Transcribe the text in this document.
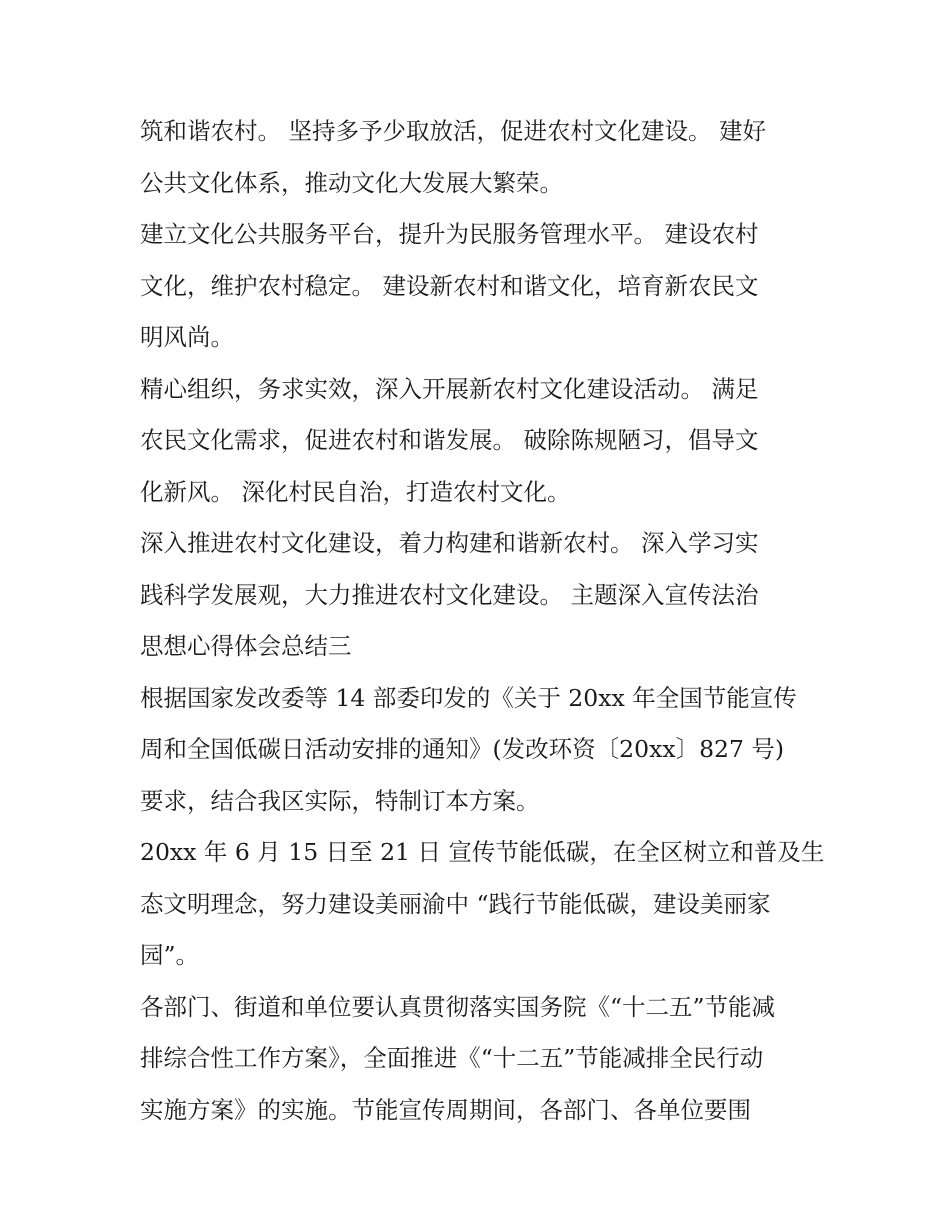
筑和谐农村。 坚持多予少取放活，促进农村文化建设。 建好
公共文化体系，推动文化大发展大繁荣。
建立文化公共服务平台，提升为民服务管理水平。 建设农村
文化，维护农村稳定。 建设新农村和谐文化，培育新农民文
明风尚。
精心组织，务求实效，深入开展新农村文化建设活动。 满足
农民文化需求，促进农村和谐发展。 破除陈规陋习，倡导文
化新风。 深化村民自治，打造农村文化。
深入推进农村文化建设，着力构建和谐新农村。 深入学习实
践科学发展观，大力推进农村文化建设。 主题深入宣传法治
思想心得体会总结三
根据国家发改委等 14 部委印发的《关于 20xx 年全国节能宣传
周和全国低碳日活动安排的通知》(发改环资〔20xx〕827 号)
要求，结合我区实际，特制订本方案。
20xx 年 6 月 15 日至 21 日 宣传节能低碳，在全区树立和普及生
态文明理念，努力建设美丽渝中 “践行节能低碳，建设美丽家
园”。
各部门、街道和单位要认真贯彻落实国务院《“十二五”节能减
排综合性工作方案》，全面推进《“十二五”节能减排全民行动
实施方案》的实施。节能宣传周期间，各部门、各单位要围
